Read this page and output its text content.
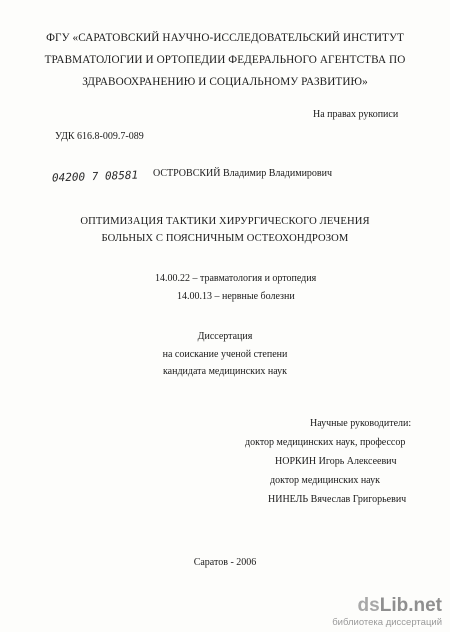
ФГУ «САРАТОВСКИЙ НАУЧНО-ИССЛЕДОВАТЕЛЬСКИЙ ИНСТИТУТ
ТРАВМАТОЛОГИИ И ОРТОПЕДИИ ФЕДЕРАЛЬНОГО АГЕНТСТВА ПО
ЗДРАВООХРАНЕНИЮ И СОЦИАЛЬНОМУ РАЗВИТИЮ»
На правах рукописи
УДК 616.8-009.7-089
04200 7 08581 ОСТРОВСКИЙ Владимир Владимирович
ОПТИМИЗАЦИЯ ТАКТИКИ ХИРУРГИЧЕСКОГО ЛЕЧЕНИЯ
БОЛЬНЫХ С ПОЯСНИЧНЫМ ОСТЕОХОНДРОЗОМ
14.00.22 – травматология и ортопедия
14.00.13 – нервные болезни
Диссертация
на соискание ученой степени
кандидата медицинских наук
Научные руководители:
доктор медицинских наук, профессор
НОРКИН Игорь Алексеевич
доктор медицинских наук
НИНЕЛЬ Вячеслав Григорьевич
Саратов - 2006
dsLib.net
библиотека диссертаций
